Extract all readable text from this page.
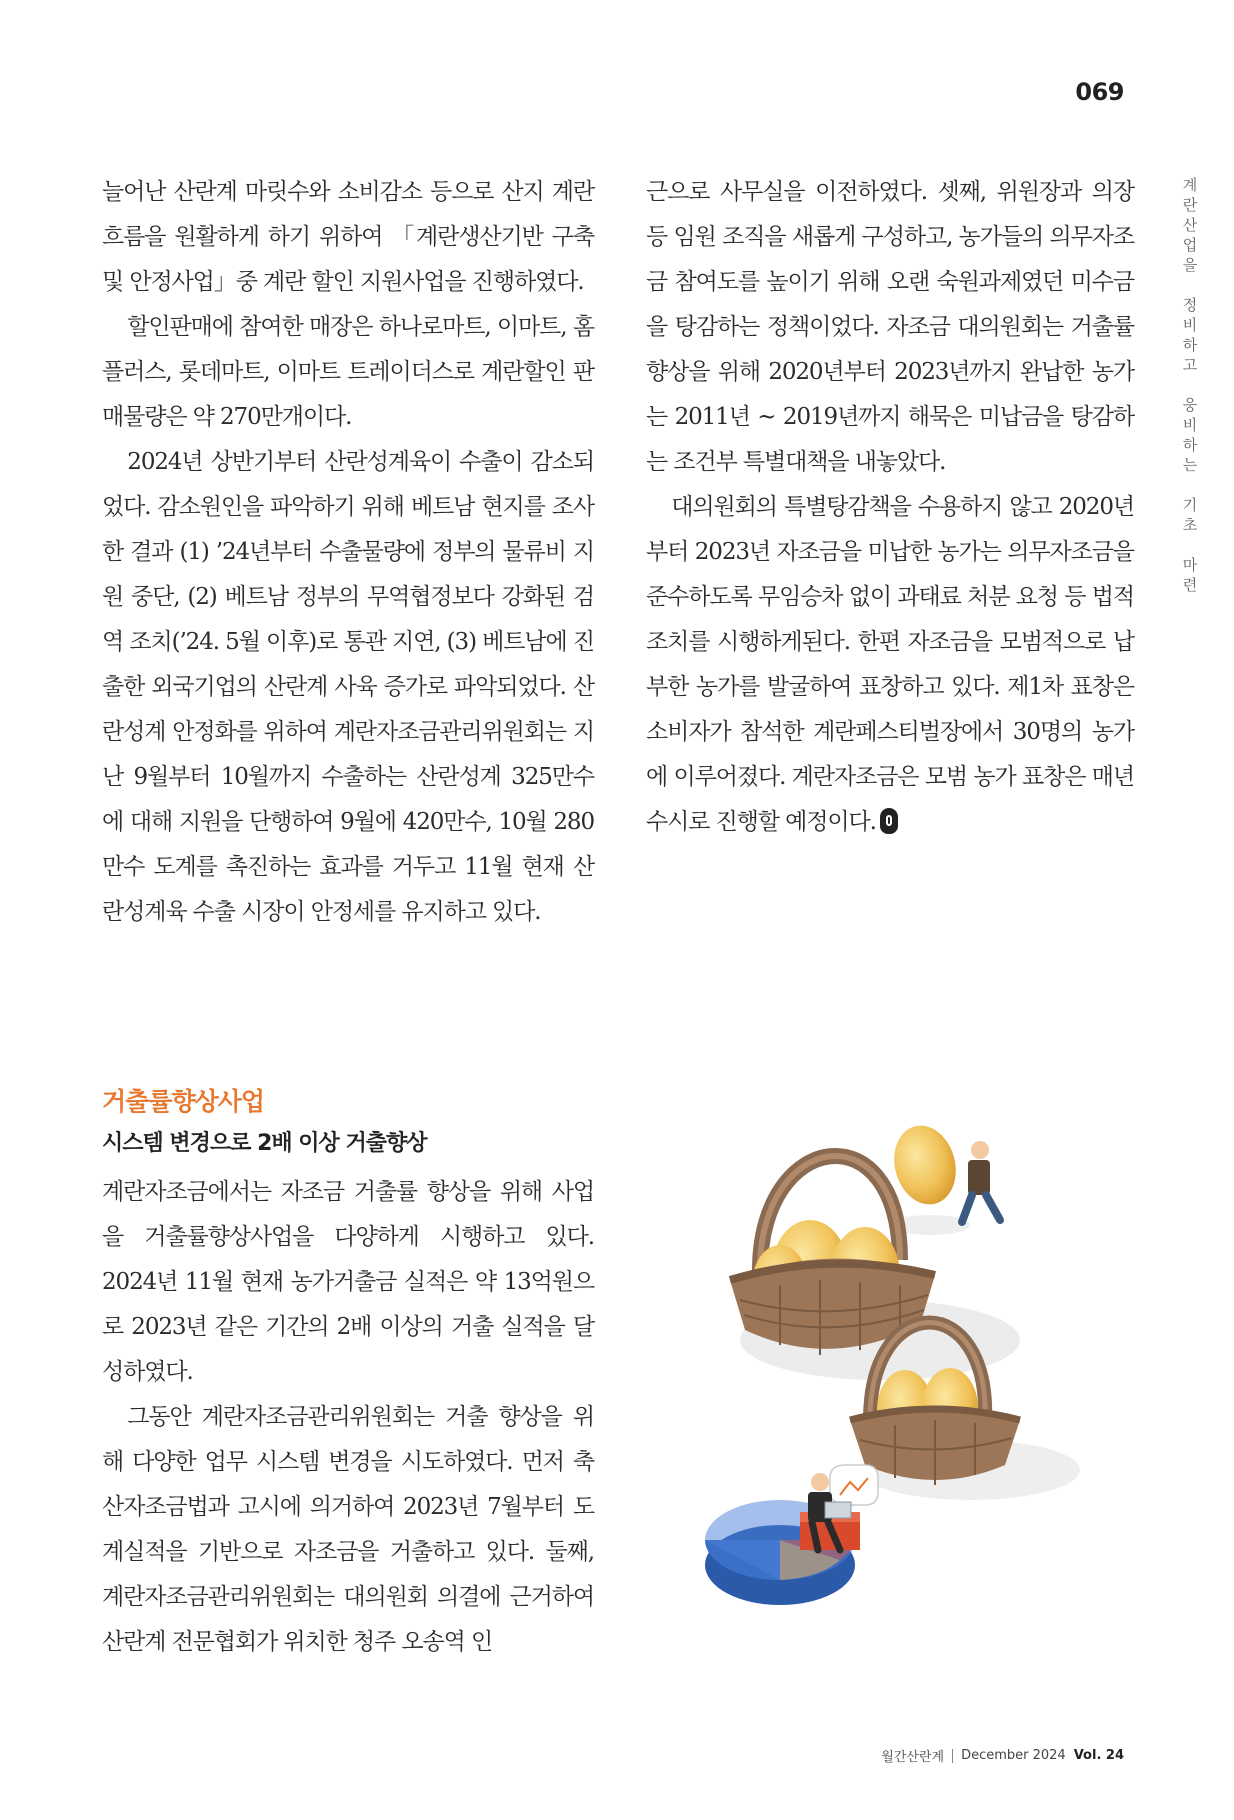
069
계
란
산
업
을
정
비
하
고
웅
비
하
는
기
초
마
련

늘어난 산란계 마릿수와 소비감소 등으로 산지 계란흐름을 원활하게 하기 위하여 「계란생산기반 구축 및 안정사업」중 계란 할인 지원사업을 진행하였다.

할인판매에 참여한 매장은 하나로마트, 이마트, 홈플러스, 롯데마트, 이마트 트레이더스로 계란할인 판매물량은 약 270만개이다.

2024년 상반기부터 산란성계육이 수출이 감소되었다. 감소원인을 파악하기 위해 베트남 현지를 조사한 결과 (1) ’24년부터 수출물량에 정부의 물류비 지원 중단, (2) 베트남 정부의 무역협정보다 강화된 검역 조치(’24. 5월 이후)로 통관 지연, (3) 베트남에 진출한 외국기업의 산란계 사육 증가로 파악되었다. 산란성계 안정화를 위하여 계란자조금관리위원회는 지난 9월부터 10월까지 수출하는 산란성계 325만수에 대해 지원을 단행하여 9월에 420만수, 10월 280만수 도계를 촉진하는 효과를 거두고 11월 현재 산란성계육 수출 시장이 안정세를 유지하고 있다.

거출률향상사업
시스템 변경으로 2배 이상 거출향상

계란자조금에서는 자조금 거출률 향상을 위해 사업을 거출률향상사업을 다양하게 시행하고 있다. 2024년 11월 현재 농가거출금 실적은 약 13억원으로 2023년 같은 기간의 2배 이상의 거출 실적을 달성하였다.

그동안 계란자조금관리위원회는 거출 향상을 위해 다양한 업무 시스템 변경을 시도하였다. 먼저 축산자조금법과 고시에 의거하여 2023년 7월부터 도계실적을 기반으로 자조금을 거출하고 있다. 둘째, 계란자조금관리위원회는 대의원회 의결에 근거하여 산란계 전문협회가 위치한 청주 오송역 인

근으로 사무실을 이전하였다. 셋째, 위원장과 의장 등 임원 조직을 새롭게 구성하고, 농가들의 의무자조금 참여도를 높이기 위해 오랜 숙원과제였던 미수금을 탕감하는 정책이었다. 자조금 대의원회는 거출률 향상을 위해 2020년부터 2023년까지 완납한 농가는 2011년 ~ 2019년까지 해묵은 미납금을 탕감하는 조건부 특별대책을 내놓았다.

대의원회의 특별탕감책을 수용하지 않고 2020년부터 2023년 자조금을 미납한 농가는 의무자조금을 준수하도록 무임승차 없이 과태료 처분 요청 등 법적조치를 시행하게된다. 한편 자조금을 모범적으로 납부한 농가를 발굴하여 표창하고 있다. 제1차 표창은 소비자가 참석한 계란페스티벌장에서 30명의 농가에 이루어졌다. 계란자조금은 모범 농가 표창은 매년 수시로 진행할 예정이다.

월간산란계 December 2024 Vol. 24
